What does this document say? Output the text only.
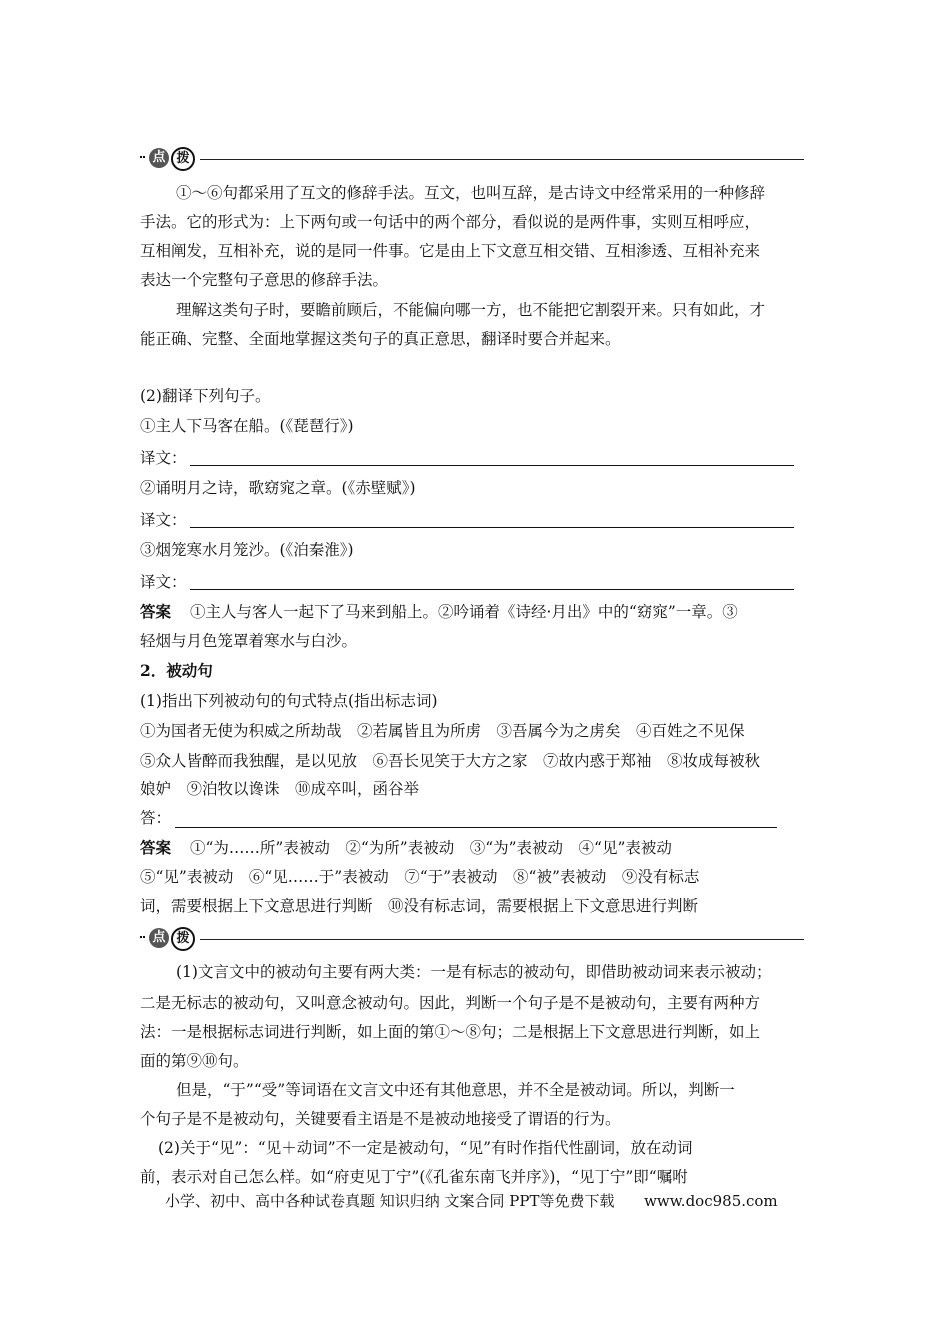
点 拨
①～⑥句都采用了互文的修辞手法。互文，也叫互辞，是古诗文中经常采用的一种修辞
手法。它的形式为：上下两句或一句话中的两个部分，看似说的是两件事，实则互相呼应，
互相阐发，互相补充，说的是同一件事。它是由上下文意互相交错、互相渗透、互相补充来
表达一个完整句子意思的修辞手法。
理解这类句子时，要瞻前顾后，不能偏向哪一方，也不能把它割裂开来。只有如此，才
能正确、完整、全面地掌握这类句子的真正意思，翻译时要合并起来。
(2)翻译下列句子。
①主人下马客在船。(《琵琶行》)
译文：
②诵明月之诗，歌窈窕之章。(《赤壁赋》)
译文：
③烟笼寒水月笼沙。(《泊秦淮》)
译文：
答案	①主人与客人一起下了马来到船上。②吟诵着《诗经·月出》中的“窈窕”一章。③
轻烟与月色笼罩着寒水与白沙。
2．被动句
(1)指出下列被动句的句式特点(指出标志词)
①为国者无使为积威之所劫哉　②若属皆且为所虏　③吾属今为之虏矣　④百姓之不见保
⑤众人皆醉而我独醒，是以见放　⑥吾长见笑于大方之家　⑦故内惑于郑袖　⑧妆成每被秋
娘妒　⑨泊牧以谗诛　⑩成卒叫，函谷举
答：
答案	①“为……所”表被动　②“为所”表被动　③“为”表被动　④“见”表被动
⑤“见”表被动　⑥“见……于”表被动　⑦“于”表被动　⑧“被”表被动　⑨没有标志
词，需要根据上下文意思进行判断　⑩没有标志词，需要根据上下文意思进行判断
点 拨
(1)文言文中的被动句主要有两大类：一是有标志的被动句，即借助被动词来表示被动；
二是无标志的被动句，又叫意念被动句。因此，判断一个句子是不是被动句，主要有两种方
法：一是根据标志词进行判断，如上面的第①～⑧句；二是根据上下文意思进行判断，如上
面的第⑨⑩句。
但是，“于”“受”等词语在文言文中还有其他意思，并不全是被动词。所以，判断一
个句子是不是被动句，关键要看主语是不是被动地接受了谓语的行为。
(2)关于“见”：“见＋动词”不一定是被动句，“见”有时作指代性副词，放在动词
前，表示对自己怎么样。如“府吏见丁宁”(《孔雀东南飞并序》)，“见丁宁”即“嘱咐
小学、初中、高中各种试卷真题 知识归纳 文案合同 PPT等免费下载 www.doc985.com
